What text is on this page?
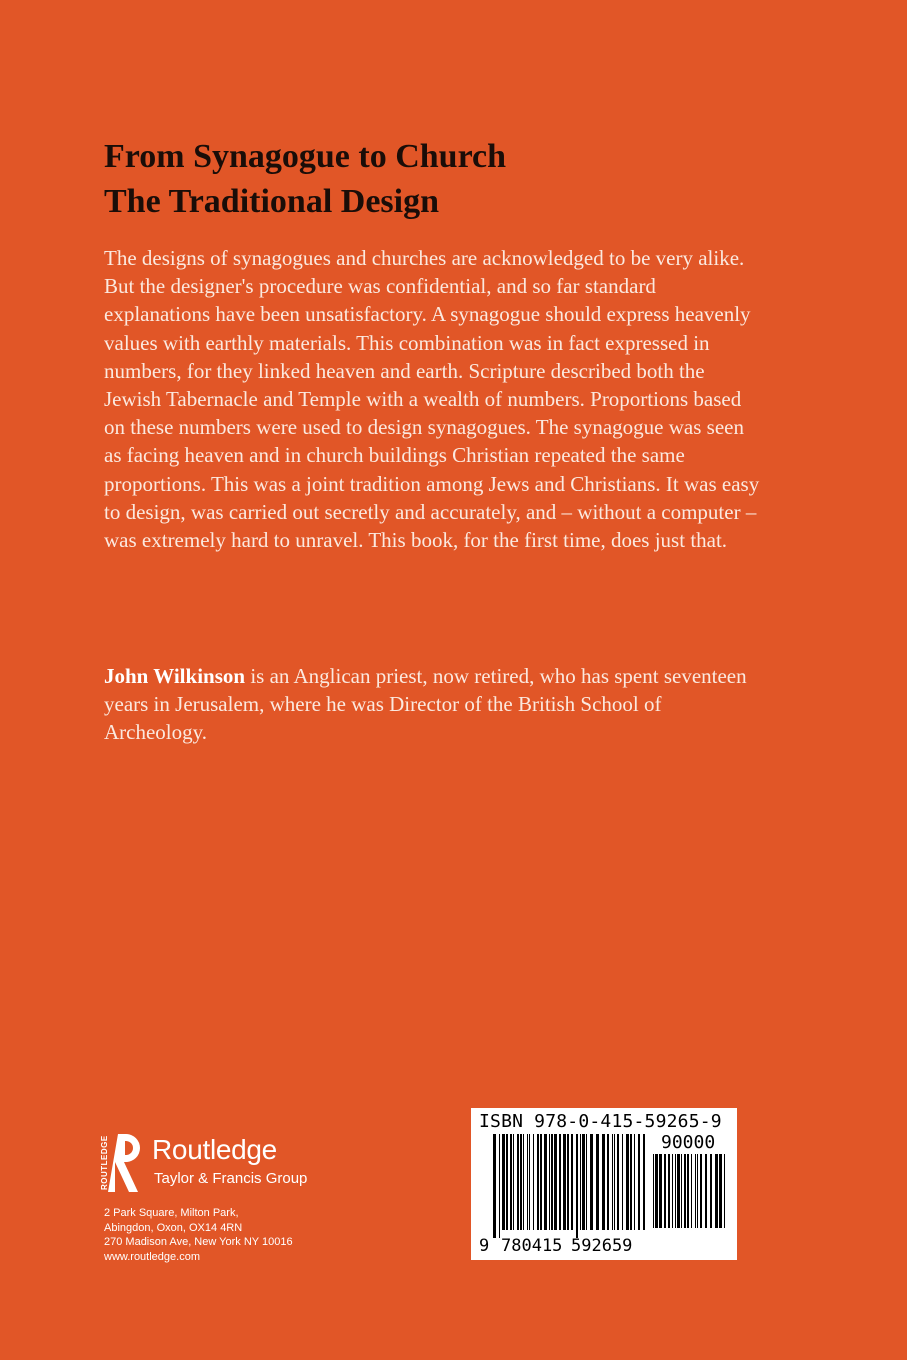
From Synagogue to Church
The Traditional Design

The designs of synagogues and churches are acknowledged to be very alike. But the designer's procedure was confidential, and so far standard explanations have been unsatisfactory. A synagogue should express heavenly values with earthly materials. This combination was in fact expressed in numbers, for they linked heaven and earth. Scripture described both the Jewish Tabernacle and Temple with a wealth of numbers. Proportions based on these numbers were used to design synagogues. The synagogue was seen as facing heaven and in church buildings Christian repeated the same proportions. This was a joint tradition among Jews and Christians. It was easy to design, was carried out secretly and accurately, and – without a computer – was extremely hard to unravel. This book, for the first time, does just that.

John Wilkinson is an Anglican priest, now retired, who has spent seventeen years in Jerusalem, where he was Director of the British School of Archeology.
ROUTLEDGE Routledge
Taylor & Francis Group
2 Park Square, Milton Park,
Abingdon, Oxon, OX14 4RN
270 Madison Ave, New York NY 10016
www.routledge.com
ISBN 978-0-415-59265-9
90000
9 780415 592659
